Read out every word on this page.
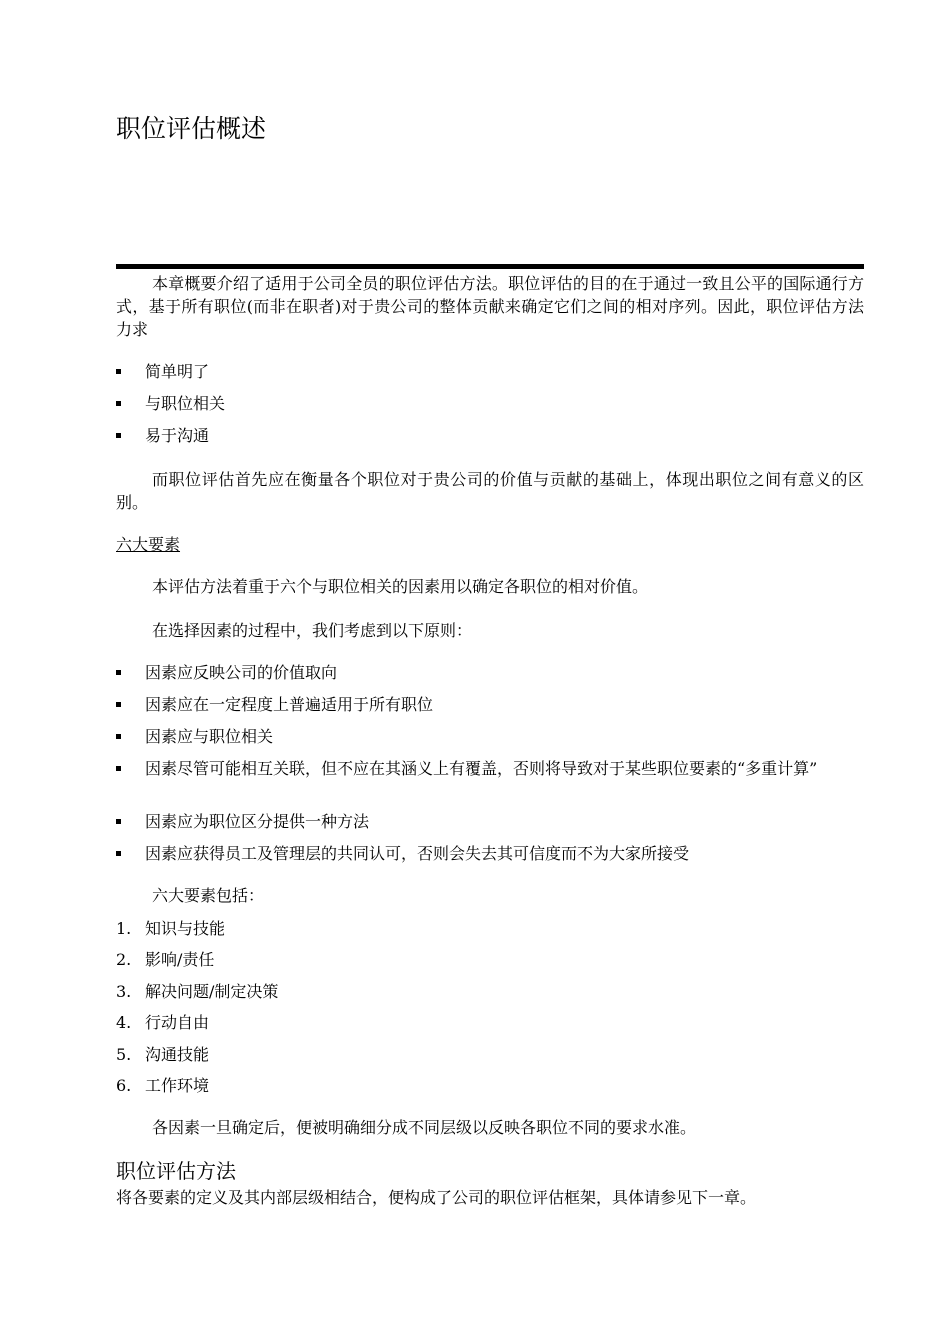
职位评估概述
本章概要介绍了适用于公司全员的职位评估方法。职位评估的目的在于通过一致且公平的国际通行方式，基于所有职位(而非在职者)对于贵公司的整体贡献来确定它们之间的相对序列。因此，职位评估方法力求
简单明了
与职位相关
易于沟通
而职位评估首先应在衡量各个职位对于贵公司的价值与贡献的基础上，体现出职位之间有意义的区别。
六大要素
本评估方法着重于六个与职位相关的因素用以确定各职位的相对价值。
在选择因素的过程中，我们考虑到以下原则：
因素应反映公司的价值取向
因素应在一定程度上普遍适用于所有职位
因素应与职位相关
因素尽管可能相互关联，但不应在其涵义上有覆盖，否则将导致对于某些职位要素的“多重计算”
因素应为职位区分提供一种方法
因素应获得员工及管理层的共同认可，否则会失去其可信度而不为大家所接受
六大要素包括：
1. 知识与技能
2. 影响/责任
3. 解决问题/制定决策
4. 行动自由
5. 沟通技能
6. 工作环境
各因素一旦确定后，便被明确细分成不同层级以反映各职位不同的要求水准。
职位评估方法
将各要素的定义及其内部层级相结合，便构成了公司的职位评估框架，具体请参见下一章。
